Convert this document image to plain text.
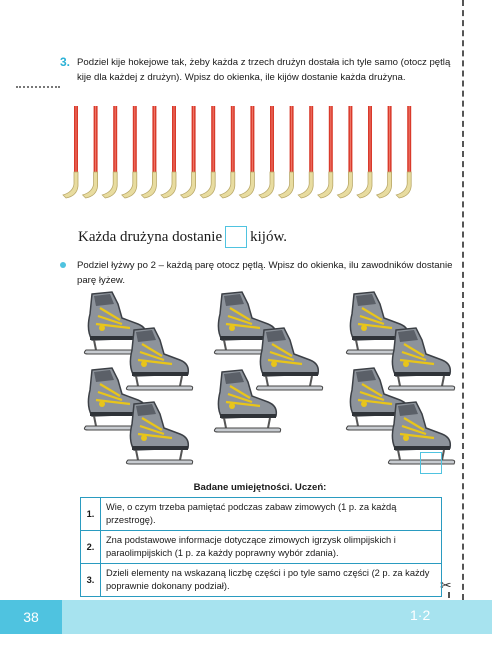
✂
3. Podziel kije hokejowe tak, żeby każda z trzech drużyn dostała ich tyle samo (otocz pętlą kije dla każdej z drużyn). Wpisz do okienka, ile kijów dostanie każda drużyna.
Każda drużyna dostanie kijów.
Podziel łyżwy po 2 – każdą parę otocz pętlą. Wpisz do okienka, ilu zawodników dostanie parę łyżew.
Badane umiejętności. Uczeń:
1.	Wie, o czym trzeba pamiętać podczas zabaw zimowych (1 p. za każdą przestrogę).
2.	Zna podstawowe informacje dotyczące zimowych igrzysk olimpijskich i paraolimpijskich (1 p. za każdy poprawny wybór zdania).
3.	Dzieli elementy na wskazaną liczbę części i po tyle samo części (2 p. za każdy poprawnie dokonany podział).
38	1·2
